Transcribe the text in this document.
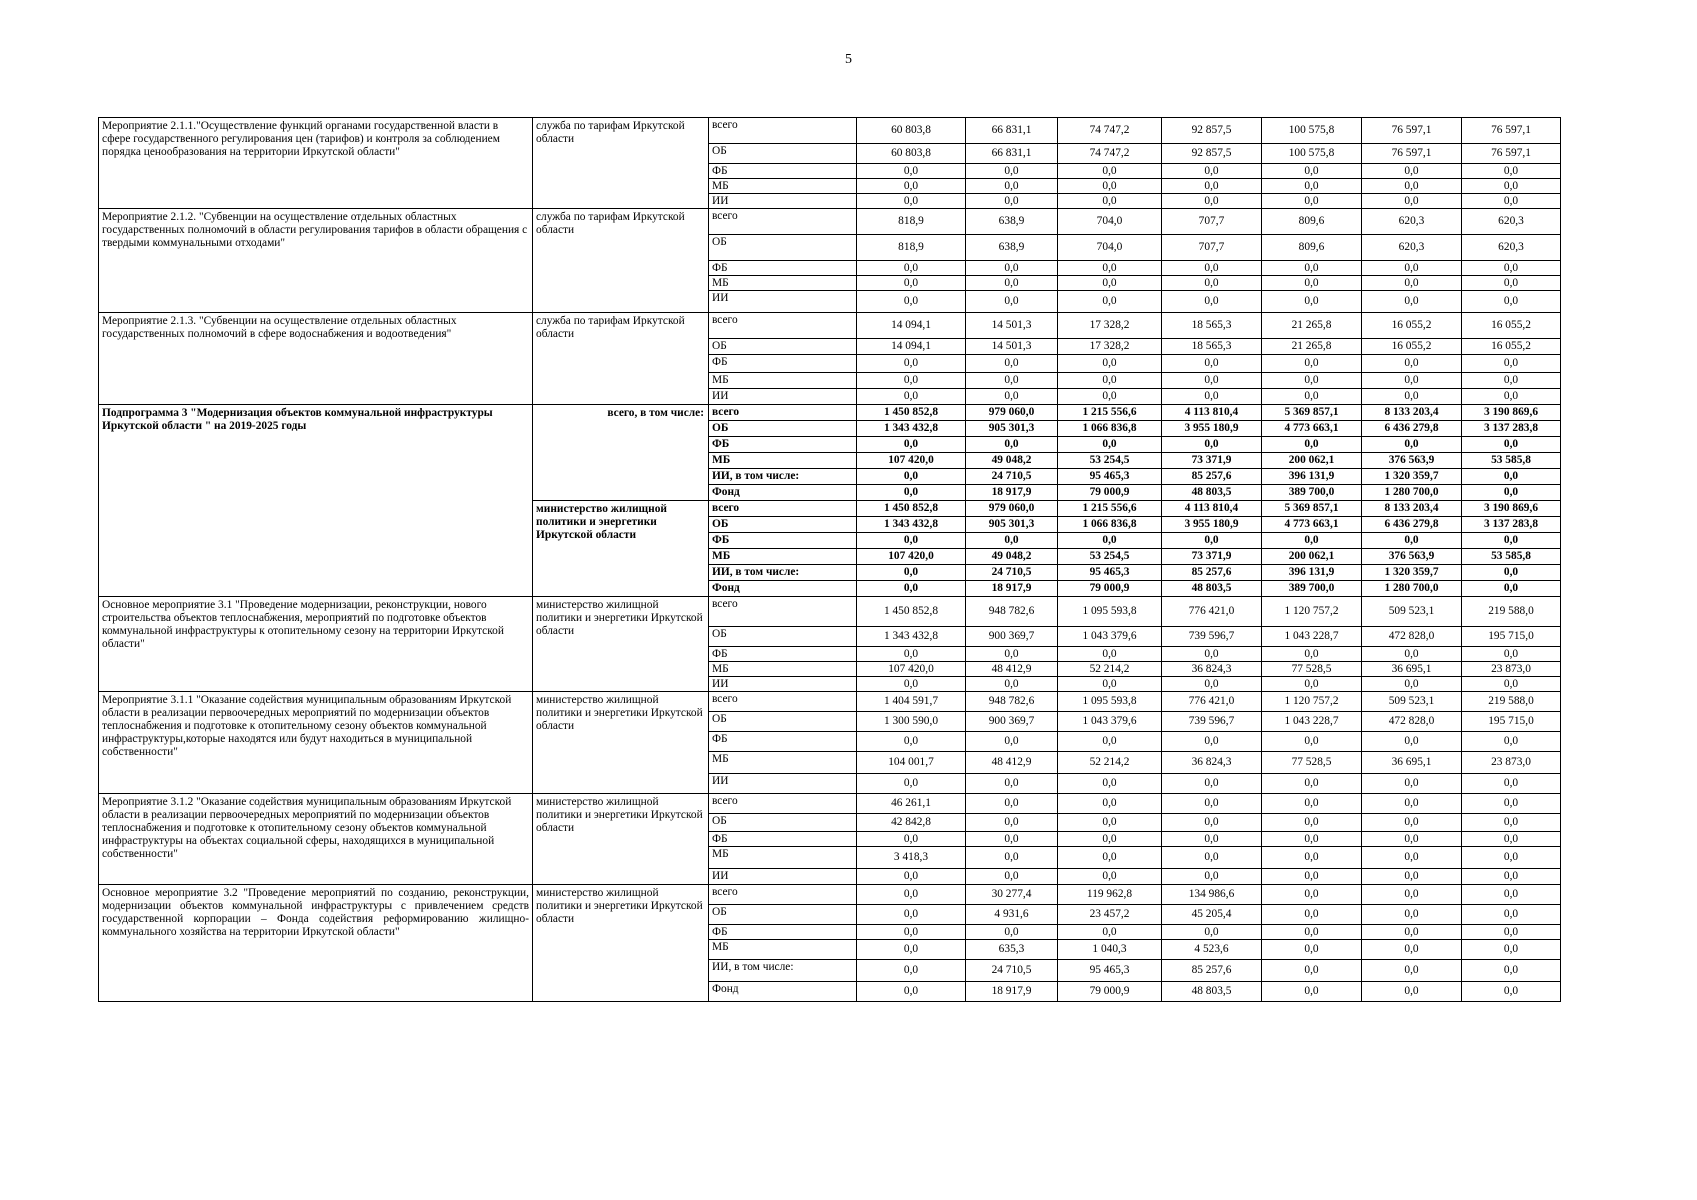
5
Мероприятие 2.1.1."Осуществление функций органами государственной власти в сфере государственного регулирования цен (тарифов) и контроля за соблюдением порядка ценообразования на территории Иркутской области"	служба по тарифам Иркутской области	всего	60 803,8	66 831,1	74 747,2	92 857,5	100 575,8	76 597,1	76 597,1
		ОБ	60 803,8	66 831,1	74 747,2	92 857,5	100 575,8	76 597,1	76 597,1
		ФБ	0,0	0,0	0,0	0,0	0,0	0,0	0,0
		МБ	0,0	0,0	0,0	0,0	0,0	0,0	0,0
		ИИ	0,0	0,0	0,0	0,0	0,0	0,0	0,0
Мероприятие 2.1.2. "Субвенции на осуществление отдельных областных государственных полномочий в области регулирования тарифов в области обращения с твердыми коммунальными отходами"	служба по тарифам Иркутской области	всего	818,9	638,9	704,0	707,7	809,6	620,3	620,3
		ОБ	818,9	638,9	704,0	707,7	809,6	620,3	620,3
		ФБ	0,0	0,0	0,0	0,0	0,0	0,0	0,0
		МБ	0,0	0,0	0,0	0,0	0,0	0,0	0,0
		ИИ	0,0	0,0	0,0	0,0	0,0	0,0	0,0
Мероприятие 2.1.3. "Субвенции на осуществление отдельных областных государственных полномочий в сфере водоснабжения и водоотведения"	служба по тарифам Иркутской области	всего	14 094,1	14 501,3	17 328,2	18 565,3	21 265,8	16 055,2	16 055,2
		ОБ	14 094,1	14 501,3	17 328,2	18 565,3	21 265,8	16 055,2	16 055,2
		ФБ	0,0	0,0	0,0	0,0	0,0	0,0	0,0
		МБ	0,0	0,0	0,0	0,0	0,0	0,0	0,0
		ИИ	0,0	0,0	0,0	0,0	0,0	0,0	0,0
Подпрограмма 3 "Модернизация объектов коммунальной инфраструктуры Иркутской области " на 2019-2025 годы	всего, в том числе:	всего	1 450 852,8	979 060,0	1 215 556,6	4 113 810,4	5 369 857,1	8 133 203,4	3 190 869,6
		ОБ	1 343 432,8	905 301,3	1 066 836,8	3 955 180,9	4 773 663,1	6 436 279,8	3 137 283,8
		ФБ	0,0	0,0	0,0	0,0	0,0	0,0	0,0
		МБ	107 420,0	49 048,2	53 254,5	73 371,9	200 062,1	376 563,9	53 585,8
		ИИ, в том числе:	0,0	24 710,5	95 465,3	85 257,6	396 131,9	1 320 359,7	0,0
		Фонд	0,0	18 917,9	79 000,9	48 803,5	389 700,0	1 280 700,0	0,0
	министерство жилищной политики и энергетики Иркутской области	всего	1 450 852,8	979 060,0	1 215 556,6	4 113 810,4	5 369 857,1	8 133 203,4	3 190 869,6
		ОБ	1 343 432,8	905 301,3	1 066 836,8	3 955 180,9	4 773 663,1	6 436 279,8	3 137 283,8
		ФБ	0,0	0,0	0,0	0,0	0,0	0,0	0,0
		МБ	107 420,0	49 048,2	53 254,5	73 371,9	200 062,1	376 563,9	53 585,8
		ИИ, в том числе:	0,0	24 710,5	95 465,3	85 257,6	396 131,9	1 320 359,7	0,0
		Фонд	0,0	18 917,9	79 000,9	48 803,5	389 700,0	1 280 700,0	0,0
Основное мероприятие 3.1 "Проведение модернизации, реконструкции, нового строительства объектов теплоснабжения, мероприятий по подготовке объектов коммунальной инфраструктуры к отопительному сезону на территории Иркутской области"	министерство жилищной политики и энергетики Иркутской области	всего	1 450 852,8	948 782,6	1 095 593,8	776 421,0	1 120 757,2	509 523,1	219 588,0
		ОБ	1 343 432,8	900 369,7	1 043 379,6	739 596,7	1 043 228,7	472 828,0	195 715,0
		ФБ	0,0	0,0	0,0	0,0	0,0	0,0	0,0
		МБ	107 420,0	48 412,9	52 214,2	36 824,3	77 528,5	36 695,1	23 873,0
		ИИ	0,0	0,0	0,0	0,0	0,0	0,0	0,0
Мероприятие 3.1.1 "Оказание содействия муниципальным образованиям Иркутской области в реализации первоочередных мероприятий по модернизации объектов теплоснабжения и подготовке к отопительному сезону объектов коммунальной инфраструктуры,которые находятся или будут находиться в муниципальной собственности"	министерство жилищной политики и энергетики Иркутской области	всего	1 404 591,7	948 782,6	1 095 593,8	776 421,0	1 120 757,2	509 523,1	219 588,0
		ОБ	1 300 590,0	900 369,7	1 043 379,6	739 596,7	1 043 228,7	472 828,0	195 715,0
		ФБ	0,0	0,0	0,0	0,0	0,0	0,0	0,0
		МБ	104 001,7	48 412,9	52 214,2	36 824,3	77 528,5	36 695,1	23 873,0
		ИИ	0,0	0,0	0,0	0,0	0,0	0,0	0,0
Мероприятие 3.1.2 "Оказание содействия муниципальным образованиям Иркутской области в реализации первоочередных мероприятий по модернизации объектов теплоснабжения и подготовке к отопительному сезону объектов коммунальной инфраструктуры на объектах социальной сферы, находящихся в муниципальной собственности"	министерство жилищной политики и энергетики Иркутской области	всего	46 261,1	0,0	0,0	0,0	0,0	0,0	0,0
		ОБ	42 842,8	0,0	0,0	0,0	0,0	0,0	0,0
		ФБ	0,0	0,0	0,0	0,0	0,0	0,0	0,0
		МБ	3 418,3	0,0	0,0	0,0	0,0	0,0	0,0
		ИИ	0,0	0,0	0,0	0,0	0,0	0,0	0,0
Основное мероприятие 3.2 "Проведение мероприятий по созданию, реконструкции, модернизации объектов коммунальной инфраструктуры с привлечением средств государственной корпорации – Фонда содействия реформированию жилищно-коммунального хозяйства на территории Иркутской области"	министерство жилищной политики и энергетики Иркутской области	всего	0,0	30 277,4	119 962,8	134 986,6	0,0	0,0	0,0
		ОБ	0,0	4 931,6	23 457,2	45 205,4	0,0	0,0	0,0
		ФБ	0,0	0,0	0,0	0,0	0,0	0,0	0,0
		МБ	0,0	635,3	1 040,3	4 523,6	0,0	0,0	0,0
		ИИ, в том числе:	0,0	24 710,5	95 465,3	85 257,6	0,0	0,0	0,0
		Фонд	0,0	18 917,9	79 000,9	48 803,5	0,0	0,0	0,0
